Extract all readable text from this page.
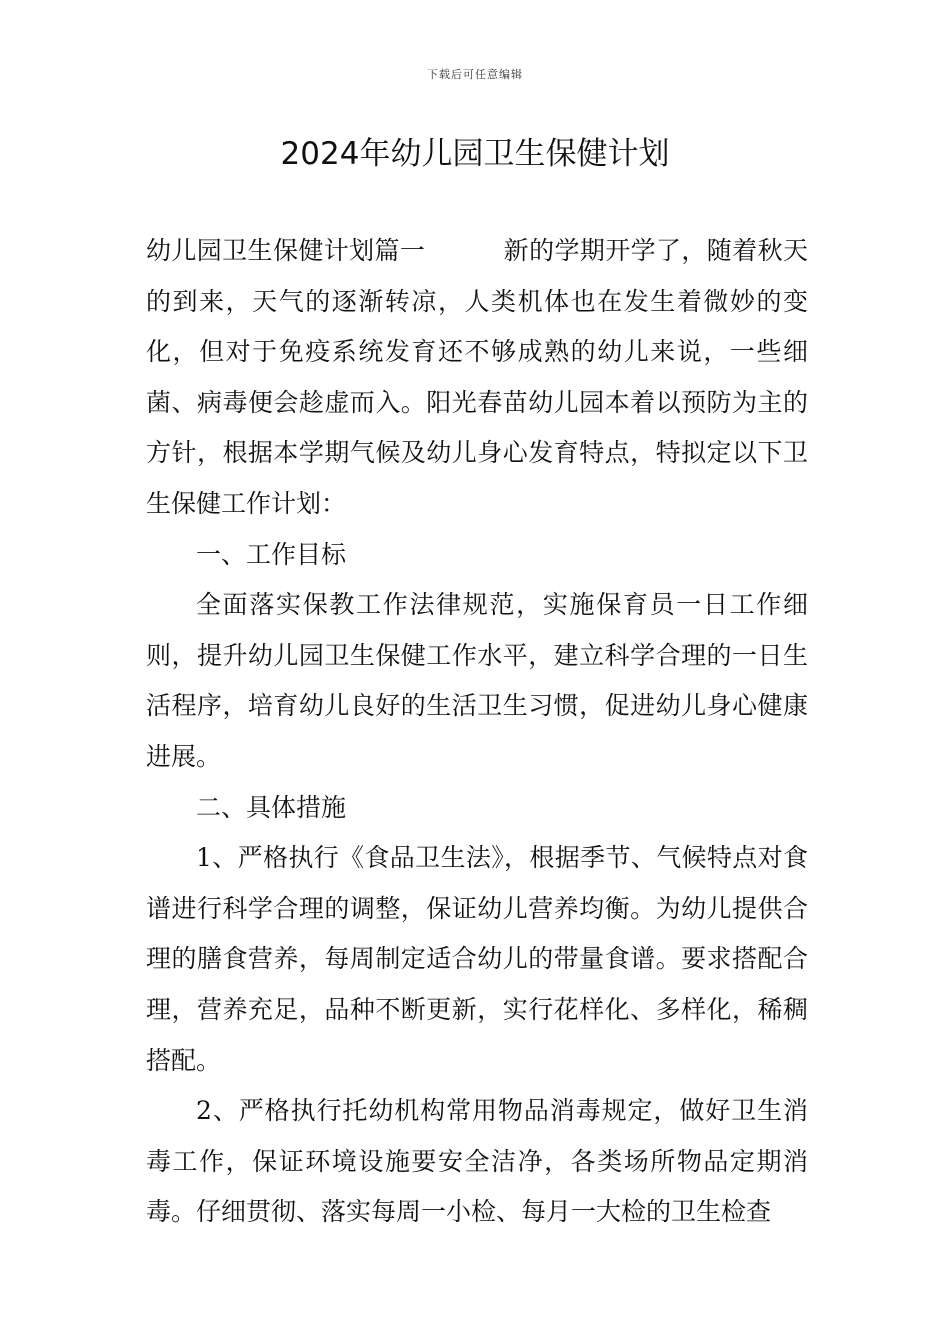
下载后可任意编辑
2024年幼儿园卫生保健计划

幼儿园卫生保健计划篇一	新的学期开学了，随着秋天的到来，天气的逐渐转凉，人类机体也在发生着微妙的变化，但对于免疫系统发育还不够成熟的幼儿来说，一些细菌、病毒便会趁虚而入。阳光春苗幼儿园本着以预防为主的方针，根据本学期气候及幼儿身心发育特点，特拟定以下卫生保健工作计划：

一、工作目标

全面落实保教工作法律规范，实施保育员一日工作细则，提升幼儿园卫生保健工作水平，建立科学合理的一日生活程序，培育幼儿良好的生活卫生习惯，促进幼儿身心健康进展。

二、具体措施

1、严格执行《食品卫生法》，根据季节、气候特点对食谱进行科学合理的调整，保证幼儿营养均衡。为幼儿提供合理的膳食营养，每周制定适合幼儿的带量食谱。要求搭配合理，营养充足，品种不断更新，实行花样化、多样化，稀稠搭配。

2、严格执行托幼机构常用物品消毒规定，做好卫生消毒工作，保证环境设施要安全洁净，各类场所物品定期消毒。仔细贯彻、落实每周一小检、每月一大检的卫生检查
